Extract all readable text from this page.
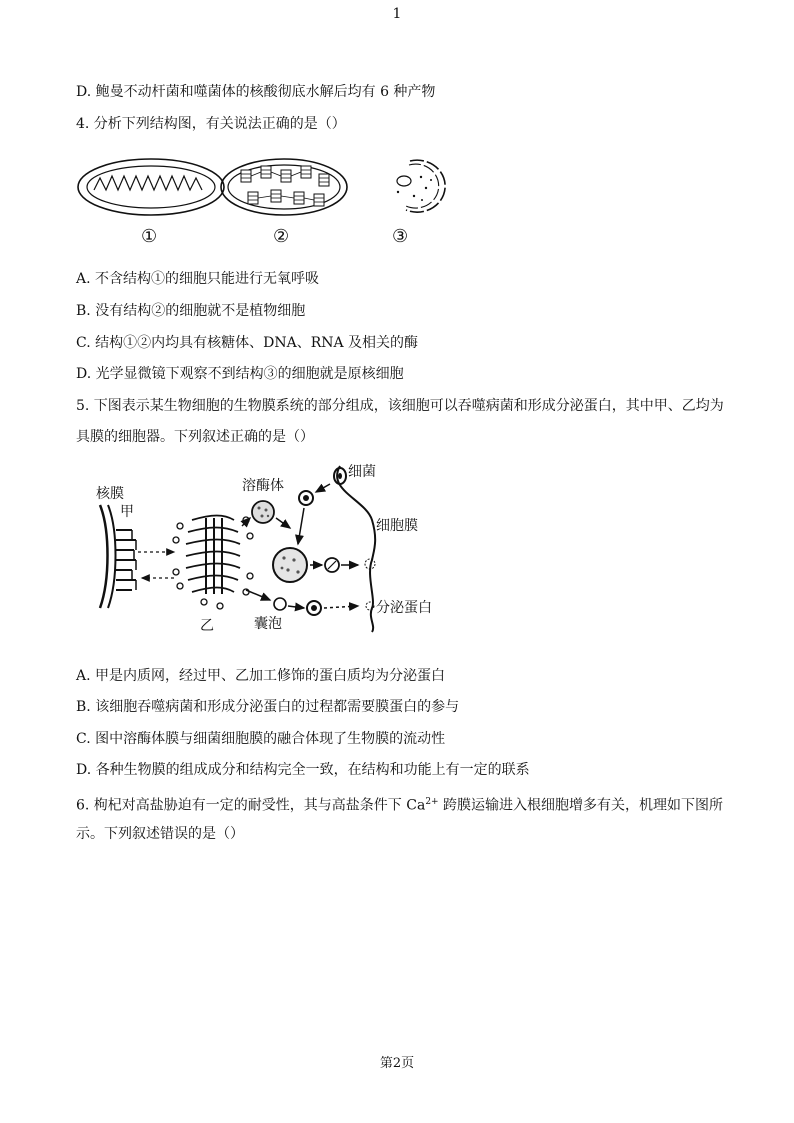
1
D. 鲍曼不动杆菌和噬菌体的核酸彻底水解后均有 6 种产物
4. 分析下列结构图，有关说法正确的是（）
①	②	③
A. 不含结构①的细胞只能进行无氧呼吸
B. 没有结构②的细胞就不是植物细胞
C. 结构①②内均具有核糖体、DNA、RNA 及相关的酶
D. 光学显微镜下观察不到结构③的细胞就是原核细胞
5. 下图表示某生物细胞的生物膜系统的部分组成，该细胞可以吞噬病菌和形成分泌蛋白，其中甲、乙均为
具膜的细胞器。下列叙述正确的是（）
核膜
甲
乙
溶酶体
细菌
细胞膜
囊泡
分泌蛋白
A. 甲是内质网，经过甲、乙加工修饰的蛋白质均为分泌蛋白
B. 该细胞吞噬病菌和形成分泌蛋白的过程都需要膜蛋白的参与
C. 图中溶酶体膜与细菌细胞膜的融合体现了生物膜的流动性
D. 各种生物膜的组成成分和结构完全一致，在结构和功能上有一定的联系
6. 枸杞对高盐胁迫有一定的耐受性，其与高盐条件下 $Ca^{2+}$ 跨膜运输进入根细胞增多有关，机理如下图所
示。下列叙述错误的是（）
第2页
